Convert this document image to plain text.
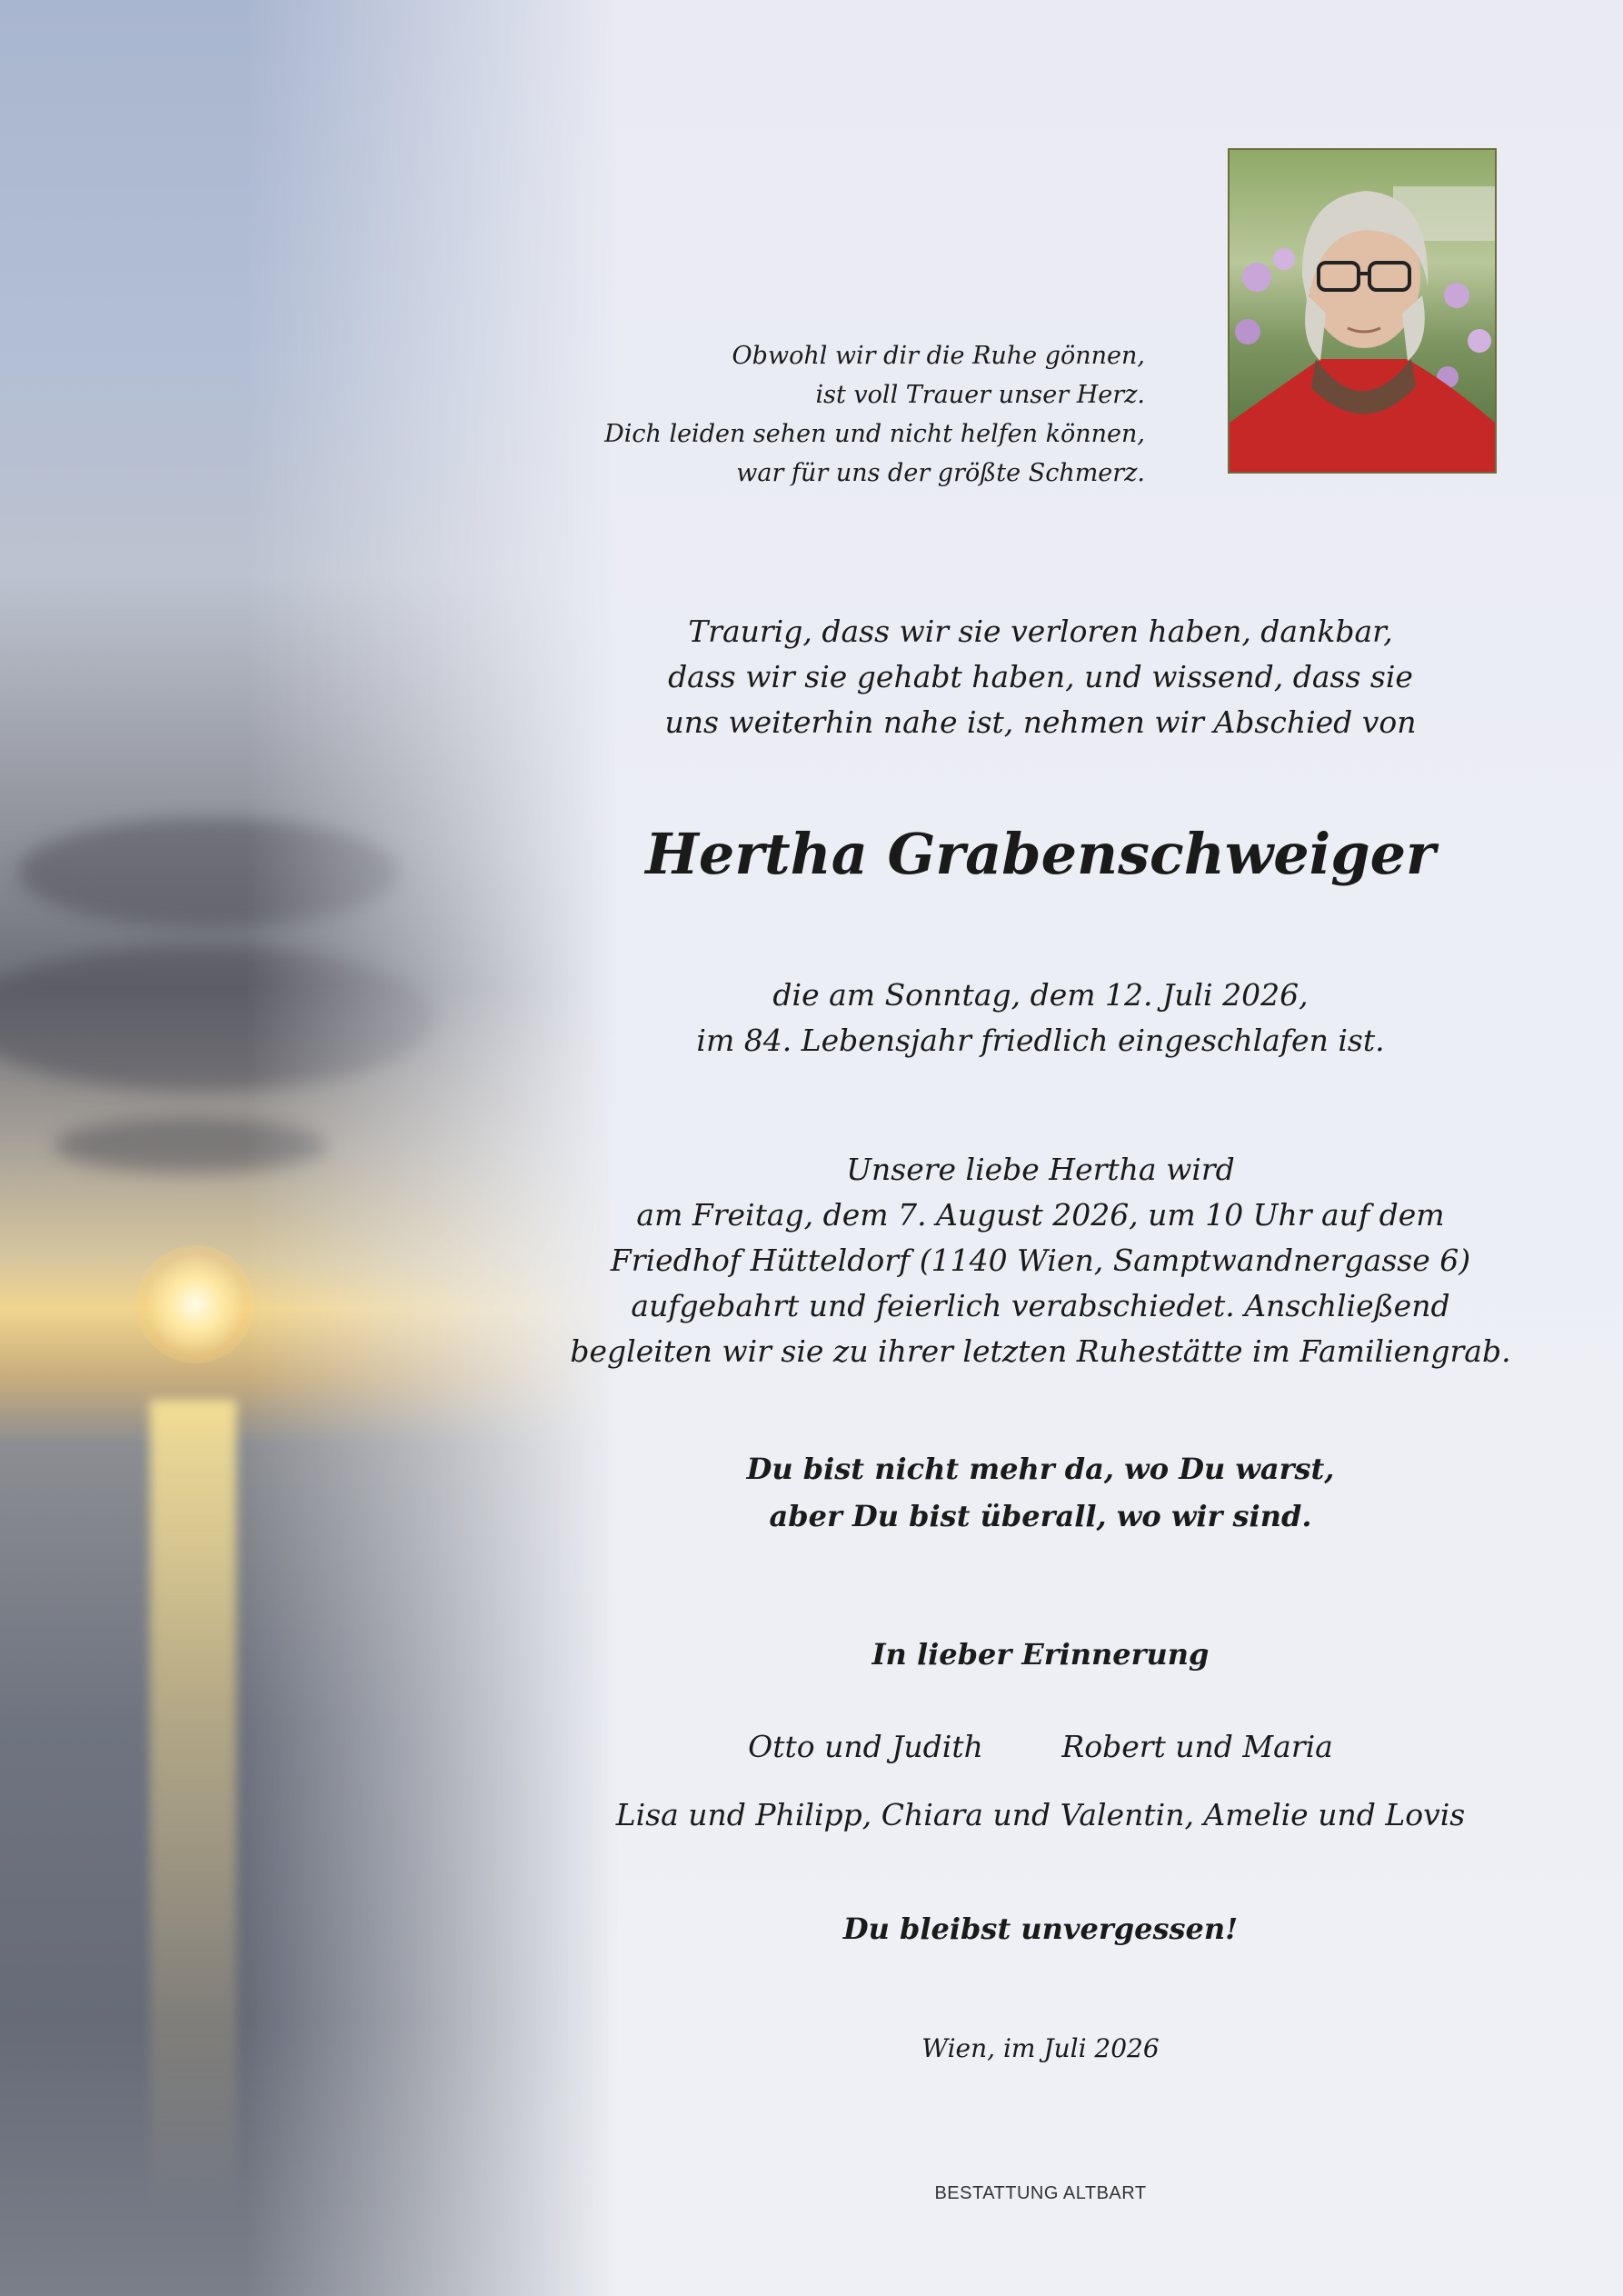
Obwohl wir dir die Ruhe gönnen,
ist voll Trauer unser Herz.
Dich leiden sehen und nicht helfen können,
war für uns der größte Schmerz.
Traurig, dass wir sie verloren haben, dankbar,
dass wir sie gehabt haben, und wissend, dass sie
uns weiterhin nahe ist, nehmen wir Abschied von
Hertha Grabenschweiger
die am Sonntag, dem 12. Juli 2026,
im 84. Lebensjahr friedlich eingeschlafen ist.
Unsere liebe Hertha wird
am Freitag, dem 7. August 2026, um 10 Uhr auf dem
Friedhof Hütteldorf (1140 Wien, Samptwandnergasse 6)
aufgebahrt und feierlich verabschiedet. Anschließend
begleiten wir sie zu ihrer letzten Ruhestätte im Familiengrab.
Du bist nicht mehr da, wo Du warst,
aber Du bist überall, wo wir sind.
In lieber Erinnerung
Otto und Judith	Robert und Maria
Lisa und Philipp, Chiara und Valentin, Amelie und Lovis
Du bleibst unvergessen!
Wien, im Juli 2026
BESTATTUNG ALTBART
